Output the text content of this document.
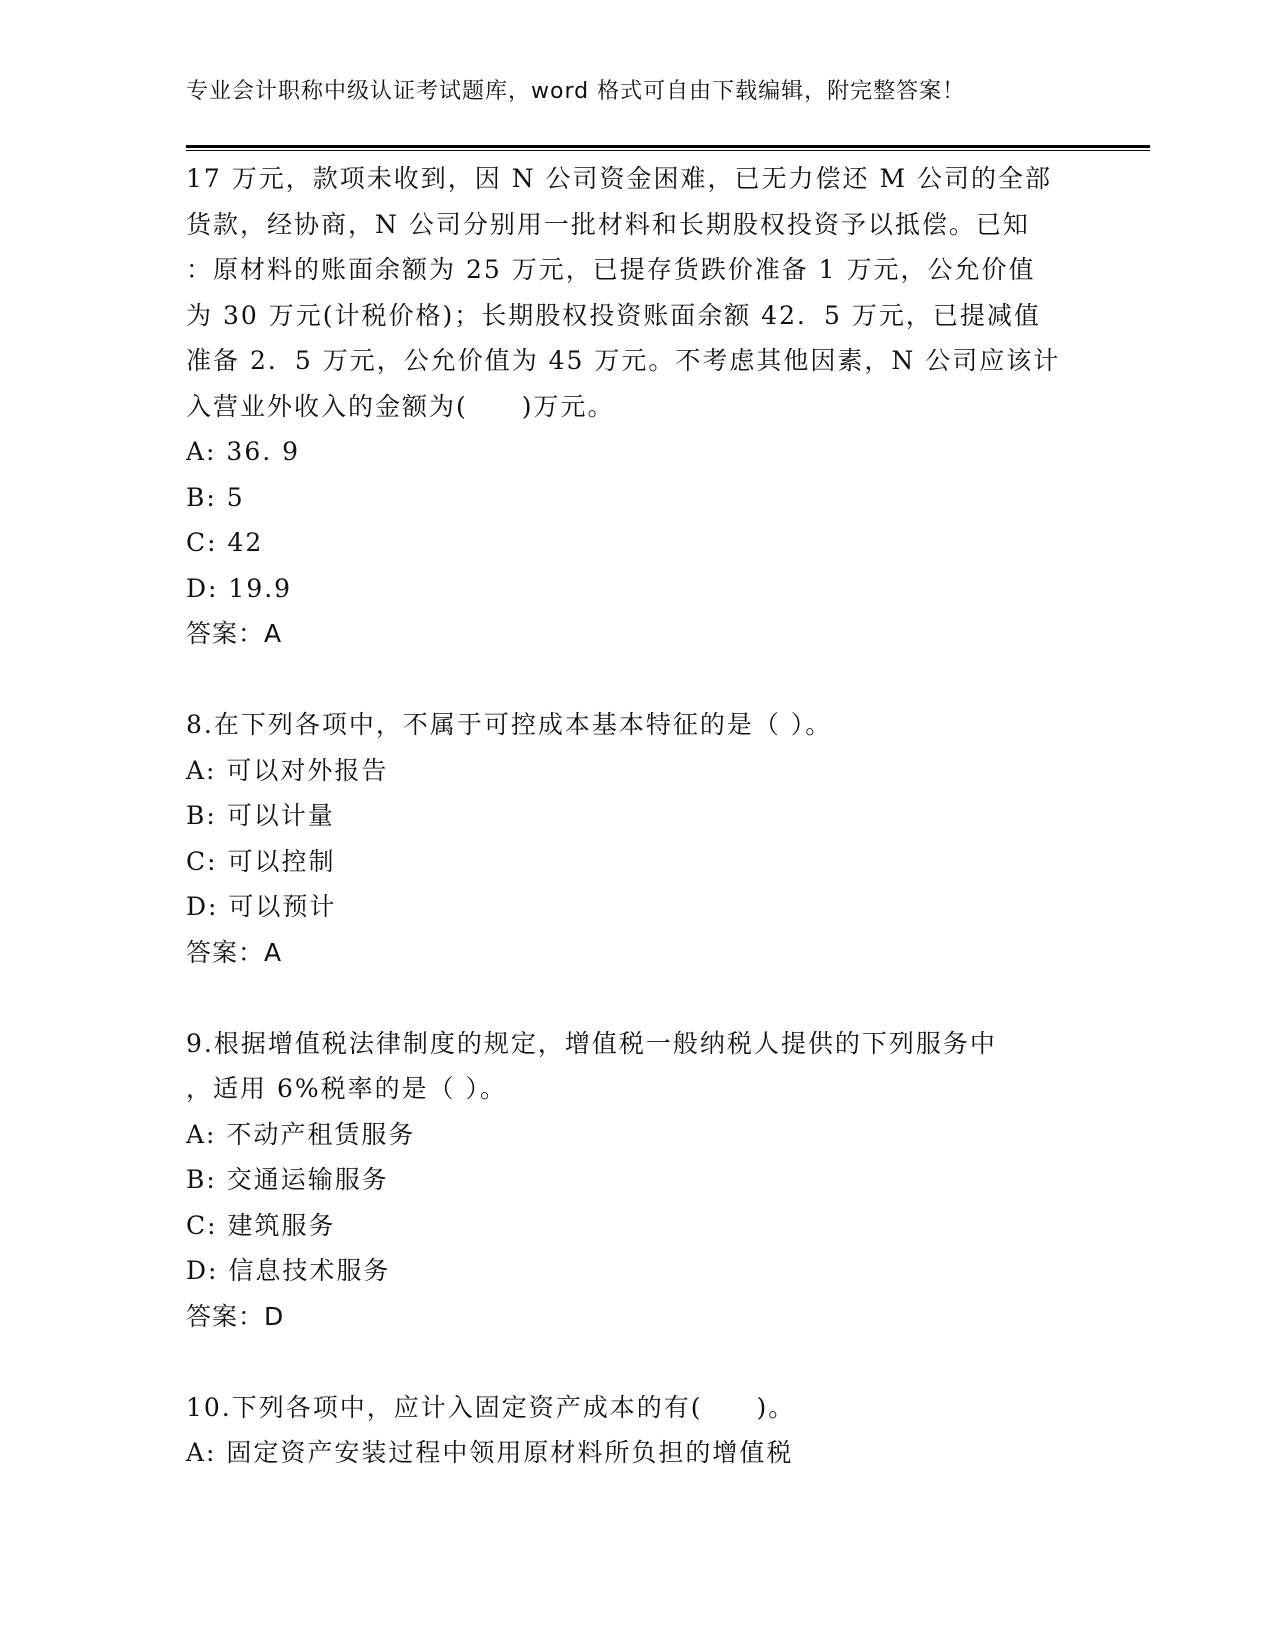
专业会计职称中级认证考试题库，word 格式可自由下载编辑，附完整答案！
17 万元，款项未收到，因 N 公司资金困难，已无力偿还 M 公司的全部
货款，经协商，N 公司分别用一批材料和长期股权投资予以抵偿。已知
：原材料的账面余额为 25 万元，已提存货跌价准备 1 万元，公允价值
为 30 万元(计税价格)；长期股权投资账面余额 42．5 万元，已提减值
准备 2．5 万元，公允价值为 45 万元。不考虑其他因素，N 公司应该计
入营业外收入的金额为(　　)万元。
A: 36. 9
B: 5
C: 42
D: 19.9
答案：A
8.在下列各项中，不属于可控成本基本特征的是（ ）。
A: 可以对外报告
B: 可以计量
C: 可以控制
D: 可以预计
答案：A
9.根据增值税法律制度的规定，增值税一般纳税人提供的下列服务中
，适用 6%税率的是（ ）。
A: 不动产租赁服务
B: 交通运输服务
C: 建筑服务
D: 信息技术服务
答案：D
10.下列各项中，应计入固定资产成本的有(　　)。
A: 固定资产安装过程中领用原材料所负担的增值税
